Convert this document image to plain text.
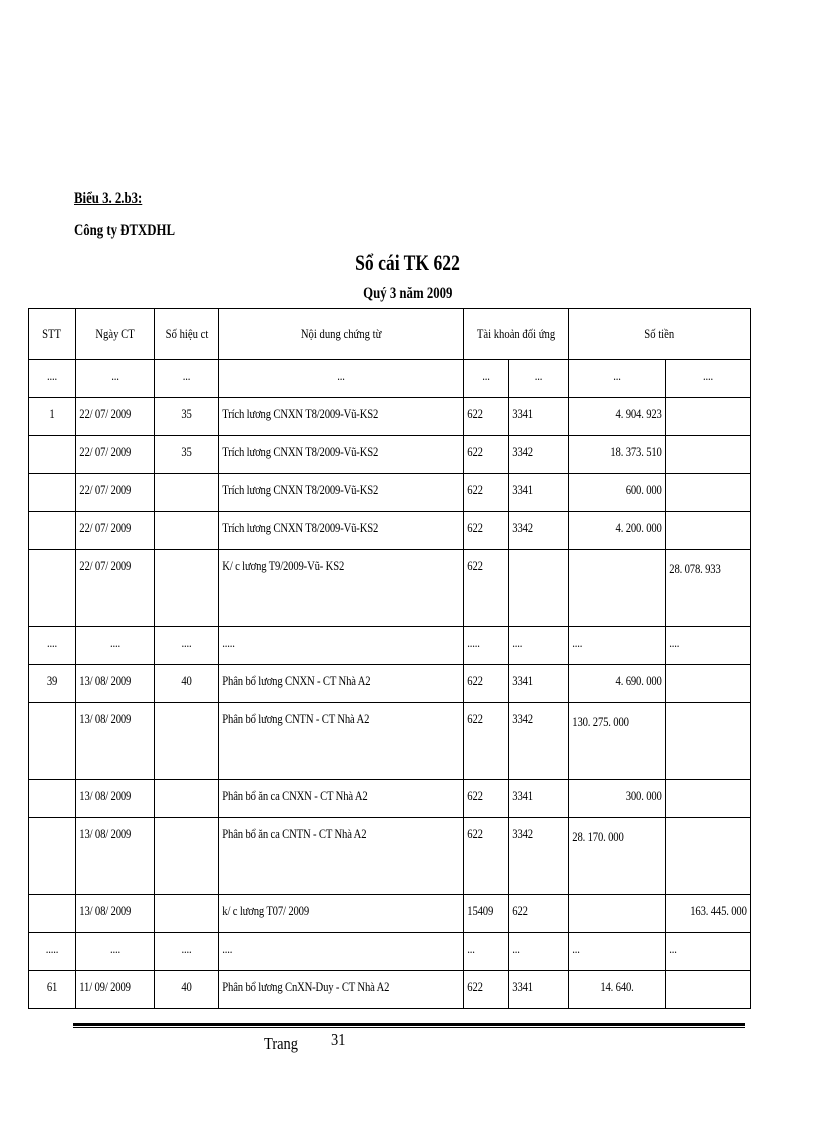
Biểu 3. 2.b3:
Công ty ĐTXDHL
Sổ cái TK 622
Quý 3 năm 2009
STT	Ngày CT	Số hiệu ct	Nội dung chứng từ	Tài khoản đối ứng		Số tiền	

....	...	...	...	...	...	...	....

1	22/ 07/ 2009	35	Trích lương CNXN T8/2009-Vũ-KS2	622	3341	4. 904. 923	

	22/ 07/ 2009	35	Trích lương CNXN T8/2009-Vũ-KS2	622	3342	18. 373. 510	

	22/ 07/ 2009		Trích lương CNXN T8/2009-Vũ-KS2	622	3341	600. 000	

	22/ 07/ 2009		Trích lương CNXN T8/2009-Vũ-KS2	622	3342	4. 200. 000	

	22/ 07/ 2009		K/ c lương T9/2009-Vũ- KS2	622			28. 078. 933

....	....	....	.....	.....	....	....	....

39	13/ 08/ 2009	40	Phân bổ lương CNXN - CT Nhà A2	622	3341	4. 690. 000	

	13/ 08/ 2009		Phân bổ lương CNTN - CT Nhà A2	622	3342	130. 275. 000	

	13/ 08/ 2009		Phân bổ ăn ca CNXN - CT Nhà A2	622	3341	300. 000	

	13/ 08/ 2009		Phân bổ ăn ca CNTN - CT Nhà A2	622	3342	28. 170. 000	

	13/ 08/ 2009		k/ c lương T07/ 2009	15409	622		163. 445. 000

.....	....	....	....	...	...	...	...

61	11/ 09/ 2009	40	Phân bổ lương CnXN-Duy - CT Nhà A2	622	3341	14. 640.	

Trang 31
